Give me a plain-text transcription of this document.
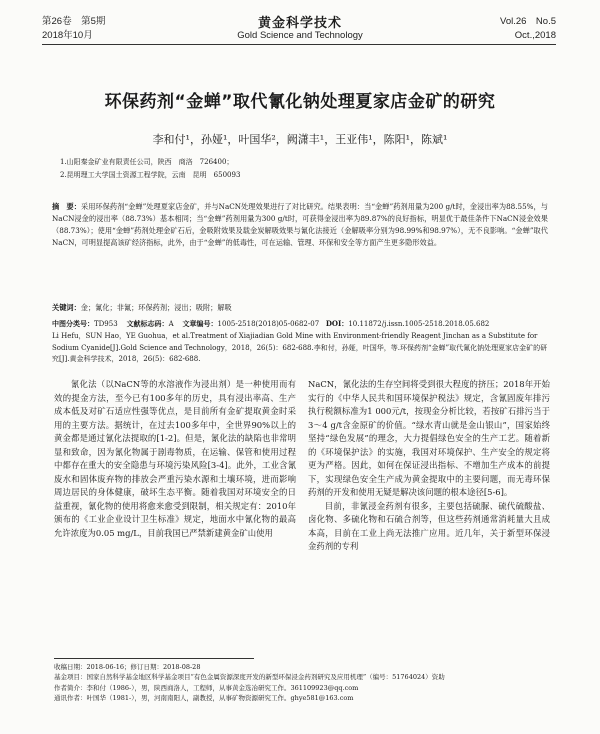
第26卷　第5期
2018年10月
黄金科学技术
Gold Science and Technology
Vol.26　No.5
Oct.,2018
环保药剂“金蝉”取代氰化钠处理夏家店金矿的研究
李和付¹，孙娅¹，叶国华²，阙潇丰¹，王亚伟¹，陈阳¹，陈斌¹
1.山阳秦金矿业有限责任公司，陕西　商洛　726400；
2.昆明理工大学国土资源工程学院，云南　昆明　650093
摘　要：采用环保药剂“金蝉”处理夏家店金矿，并与NaCN处理效果进行了对比研究。结果表明：当“金蝉”药剂用量为200 g/t时，金浸出率为88.55%，与NaCN浸金的浸出率（88.73%）基本相同；当“金蝉”药剂用量为300 g/t时，可获得金浸出率为89.87%的良好指标，明显优于最佳条件下NaCN浸金效果（88.73%）；使用“金蝉”药剂处理金矿石后，金吸附效果及载金炭解吸效果与氰化法接近（金解吸率分别为98.99%和98.97%），无不良影响。“金蝉”取代NaCN，可明显提高该矿经济指标，此外，由于“金蝉”的低毒性，可在运输、管理、环保和安全等方面产生更多隐形效益。
关键词：金；氰化；非氰；环保药剂；浸出；吸附；解吸
中图分类号：TD953 文献标志码：A 文章编号：1005-2518(2018)05-0682-07 DOI：10.11872/j.issn.1005-2518.2018.05.682
Li Hefu，SUN Hao，YE Guohua，et al.Treatment of Xiajiadian Gold Mine with Environment-friendly Reagent Jinchan as a Substitute for Sodium Cyanide[J].Gold Science and Technology，2018，26(5)：682-688.李和付，孙娅，叶国华，等.环保药剂“金蝉”取代氰化钠处理夏家店金矿的研究[J].黄金科学技术，2018，26(5)：682-688.

氰化法（以NaCN等的水溶液作为浸出剂）是一种使用而有效的提金方法，至今已有100多年的历史，具有浸出率高、生产成本低及对矿石适应性强等优点，是目前所有金矿提取黄金时采用的主要方法。据统计，在过去100多年中，全世界90%以上的黄金都是通过氰化法提取的[1-2]。但是，氰化法的缺陷也非常明显和致命，因为氰化物属于剧毒物质，在运输、保管和使用过程中都存在重大的安全隐患与环境污染风险[3-4]。此外，工业含氰废水和固体废弃物的排放会严重污染水源和土壤环境，进而影响周边居民的身体健康，破坏生态平衡。随着我国对环境安全的日益重视，氰化物的使用将愈来愈受到限制，相关规定有：2010年颁布的《工业企业设计卫生标准》规定，地面水中氰化物的最高允许浓度为0.05 mg/L，目前我国已严禁新建黄金矿山使用

NaCN，氰化法的生存空间将受到很大程度的挤压；2018年开始实行的《中华人民共和国环境保护税法》规定，含氰固废年排污执行税额标准为1 000元/t，按现金分析比较，若按矿石排污当于3～4 g/t含金原矿的价值。“绿水青山就是金山银山”，国家始终坚持“绿色发展”的理念，大力提倡绿色安全的生产工艺。随着新的《环境保护法》的实施，我国对环境保护、生产安全的规定将更为严格。因此，如何在保证浸出指标、不增加生产成本的前提下，实现绿色安全生产成为黄金提取中的主要问题，而无毒环保药剂的开发和使用无疑是解决该问题的根本途径[5-6]。

目前，非氰浸金药剂有很多，主要包括硫脲、硫代硫酸盐、卤化物、多硫化物和石硫合剂等，但这些药剂通常消耗量大且成本高，目前在工业上尚无法推广应用。近几年，关于新型环保浸金药剂的专利

收稿日期：2018-06-16；修订日期：2018-08-28
基金项目：国家自然科学基金地区科学基金项目“有色金属资源深度开发的新型环保浸金药剂研究及应用机理”（编号：51764024）资助
作者简介：李和付（1986-），男，陕西商洛人，工程师，从事黄金选冶研究工作。361109923@qq.com
通讯作者：叶国华（1981-），男，河南南阳人，副教授，从事矿物资源研究工作。ghye581@163.com
